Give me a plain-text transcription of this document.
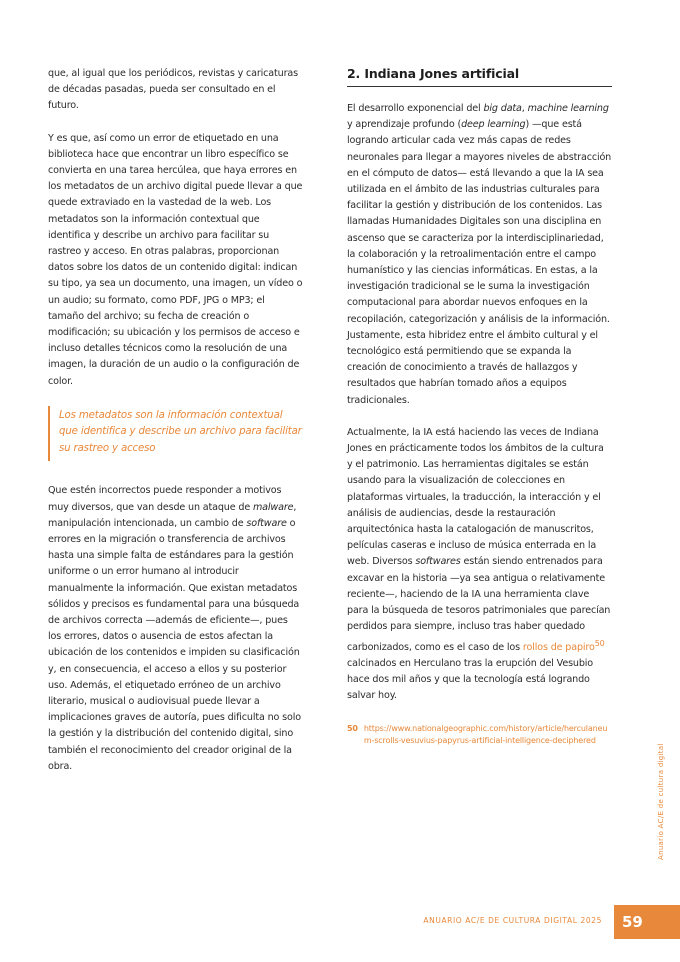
que, al igual que los periódicos, revistas y caricaturas de décadas pasadas, pueda ser consultado en el futuro.

Y es que, así como un error de etiquetado en una biblioteca hace que encontrar un libro específico se convierta en una tarea hercúlea, que haya errores en los metadatos de un archivo digital puede llevar a que quede extraviado en la vastedad de la web. Los metadatos son la información contextual que identifica y describe un archivo para facilitar su rastreo y acceso. En otras palabras, proporcionan datos sobre los datos de un contenido digital: indican su tipo, ya sea un documento, una imagen, un vídeo o un audio; su formato, como PDF, JPG o MP3; el tamaño del archivo; su fecha de creación o modificación; su ubicación y los permisos de acceso e incluso detalles técnicos como la resolución de una imagen, la duración de un audio o la configuración de color.

Los metadatos son la información contextual que identifica y describe un archivo para facilitar su rastreo y acceso

Que estén incorrectos puede responder a motivos muy diversos, que van desde un ataque de malware, manipulación intencionada, un cambio de software o errores en la migración o transferencia de archivos hasta una simple falta de estándares para la gestión uniforme o un error humano al introducir manualmente la información. Que existan metadatos sólidos y precisos es fundamental para una búsqueda de archivos correcta —además de eficiente—, pues los errores, datos o ausencia de estos afectan la ubicación de los contenidos e impiden su clasificación y, en consecuencia, el acceso a ellos y su posterior uso. Además, el etiquetado erróneo de un archivo literario, musical o audiovisual puede llevar a implicaciones graves de autoría, pues dificulta no solo la gestión y la distribución del contenido digital, sino también el reconocimiento del creador original de la obra.

2. Indiana Jones artificial

El desarrollo exponencial del big data, machine learning y aprendizaje profundo (deep learning) —que está logrando articular cada vez más capas de redes neuronales para llegar a mayores niveles de abstracción en el cómputo de datos— está llevando a que la IA sea utilizada en el ámbito de las industrias culturales para facilitar la gestión y distribución de los contenidos. Las llamadas Humanidades Digitales son una disciplina en ascenso que se caracteriza por la interdisciplinariedad, la colaboración y la retroalimentación entre el campo humanístico y las ciencias informáticas. En estas, a la investigación tradicional se le suma la investigación computacional para abordar nuevos enfoques en la recopilación, categorización y análisis de la información. Justamente, esta hibridez entre el ámbito cultural y el tecnológico está permitiendo que se expanda la creación de conocimiento a través de hallazgos y resultados que habrían tomado años a equipos tradicionales.

Actualmente, la IA está haciendo las veces de Indiana Jones en prácticamente todos los ámbitos de la cultura y el patrimonio. Las herramientas digitales se están usando para la visualización de colecciones en plataformas virtuales, la traducción, la interacción y el análisis de audiencias, desde la restauración arquitectónica hasta la catalogación de manuscritos, películas caseras e incluso de música enterrada en la web. Diversos softwares están siendo entrenados para excavar en la historia —ya sea antigua o relativamente reciente—, haciendo de la IA una herramienta clave para la búsqueda de tesoros patrimoniales que parecían perdidos para siempre, incluso tras haber quedado carbonizados, como es el caso de los rollos de papiro$^{50}$ calcinados en Herculano tras la erupción del Vesubio hace dos mil años y que la tecnología está logrando salvar hoy.

50 https://www.nationalgeographic.com/history/article/herculaneum-scrolls-vesuvius-papyrus-artificial-intelligence-deciphered
Anuario AC/E de cultura digital
ANUARIO AC/E DE CULTURA DIGITAL 2025	59
